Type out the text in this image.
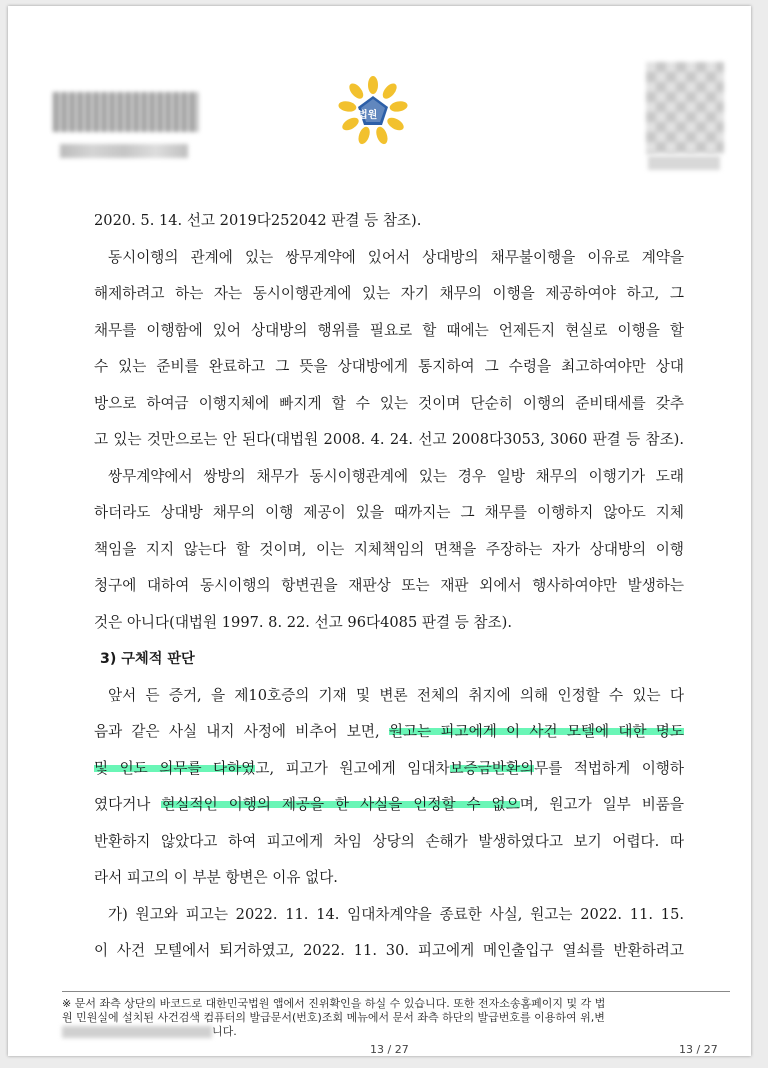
법원

2020. 5. 14. 선고 2019다252042 판결 등 참조).

동시이행의 관계에 있는 쌍무계약에 있어서 상대방의 채무불이행을 이유로 계약을
해제하려고 하는 자는 동시이행관계에 있는 자기 채무의 이행을 제공하여야 하고, 그
채무를 이행함에 있어 상대방의 행위를 필요로 할 때에는 언제든지 현실로 이행을 할
수 있는 준비를 완료하고 그 뜻을 상대방에게 통지하여 그 수령을 최고하여야만 상대
방으로 하여금 이행지체에 빠지게 할 수 있는 것이며 단순히 이행의 준비태세를 갖추
고 있는 것만으로는 안 된다(대법원 2008. 4. 24. 선고 2008다3053, 3060 판결 등 참조).

쌍무계약에서 쌍방의 채무가 동시이행관계에 있는 경우 일방 채무의 이행기가 도래
하더라도 상대방 채무의 이행 제공이 있을 때까지는 그 채무를 이행하지 않아도 지체
책임을 지지 않는다 할 것이며, 이는 지체책임의 면책을 주장하는 자가 상대방의 이행
청구에 대하여 동시이행의 항변권을 재판상 또는 재판 외에서 행사하여야만 발생하는
것은 아니다(대법원 1997. 8. 22. 선고 96다4085 판결 등 참조).

3) 구체적 판단

앞서 든 증거, 을 제10호증의 기재 및 변론 전체의 취지에 의해 인정할 수 있는 다
음과 같은 사실 내지 사정에 비추어 보면, 원고는 피고에게 이 사건 모텔에 대한 명도
및 인도 의무를 다하였고, 피고가 원고에게 임대차보증금반환의무를 적법하게 이행하
였다거나 현실적인 이행의 제공을 한 사실을 인정할 수 없으며, 원고가 일부 비품을
반환하지 않았다고 하여 피고에게 차임 상당의 손해가 발생하였다고 보기 어렵다. 따
라서 피고의 이 부분 항변은 이유 없다.

가) 원고와 피고는 2022. 11. 14. 임대차계약을 종료한 사실, 원고는 2022. 11. 15.
이 사건 모텔에서 퇴거하였고, 2022. 11. 30. 피고에게 메인출입구 열쇠를 반환하려고

※ 문서 좌측 상단의 바코드로 대한민국법원 앱에서 진위확인을 하실 수 있습니다. 또한 전자소송홈페이지 및 각 법
원 민원실에 설치된 사건검색 컴퓨터의 발급문서(번호)조회 메뉴에서 문서 좌측 하단의 발급번호를 이용하여 위,변
니다.
13 / 27	13 / 27
